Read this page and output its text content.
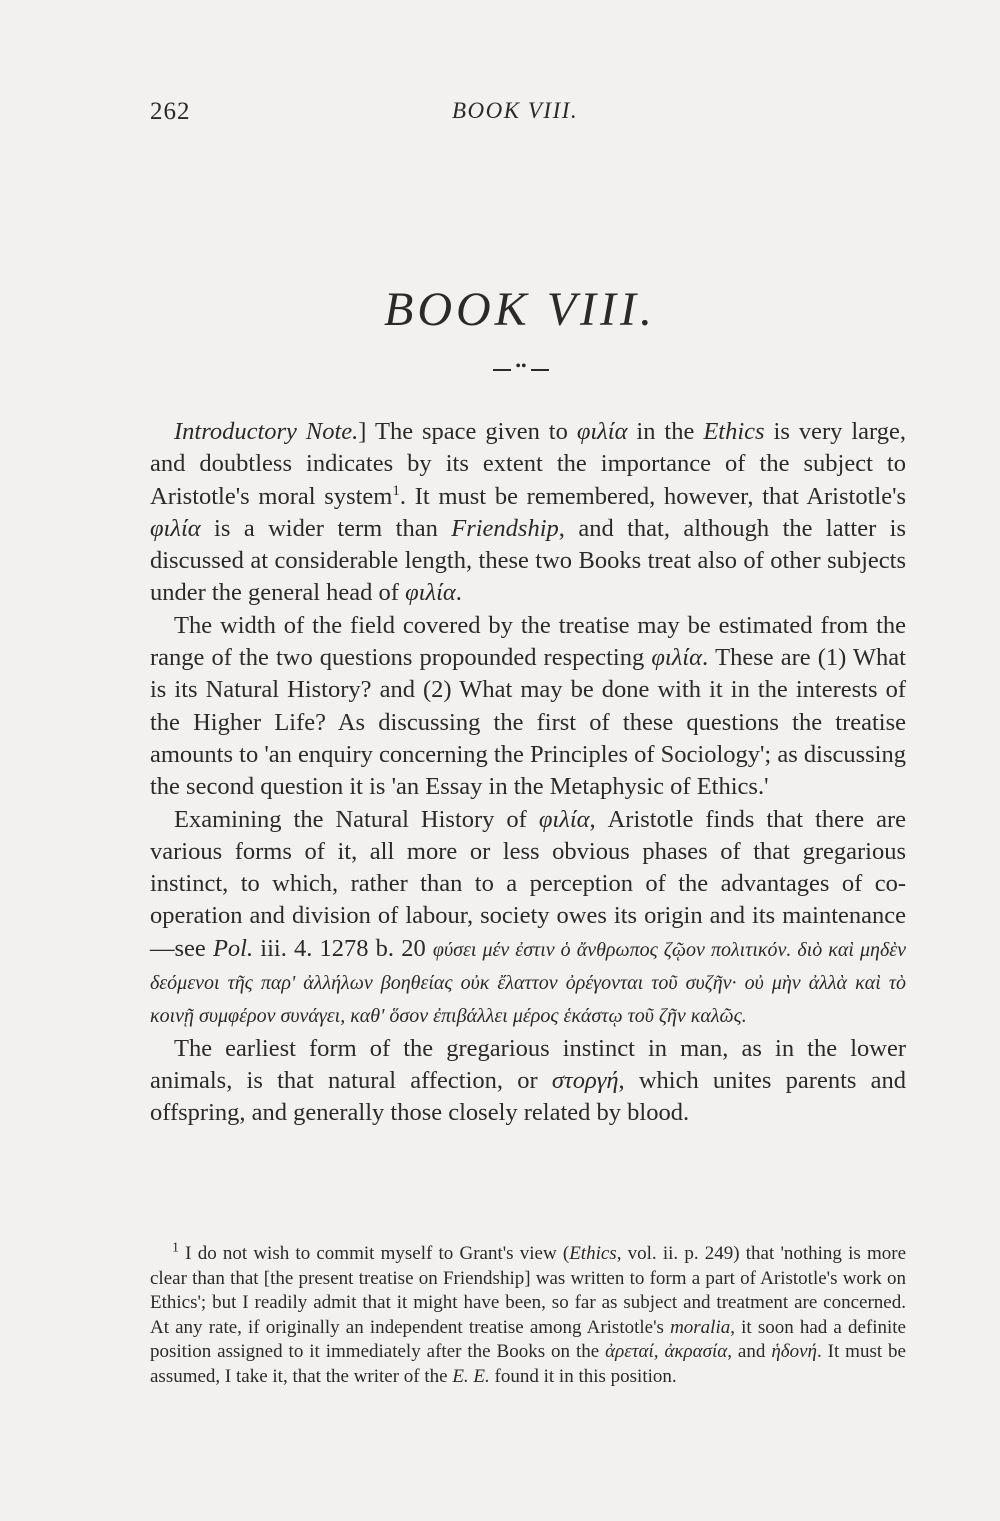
262	BOOK VIII.
BOOK VIII.
••

Introductory Note.] The space given to φιλία in the Ethics is very large, and doubtless indicates by its extent the importance of the subject to Aristotle's moral system$^1$. It must be remembered, however, that Aristotle's φιλία is a wider term than Friendship, and that, although the latter is discussed at considerable length, these two Books treat also of other subjects under the general head of φιλία.

The width of the field covered by the treatise may be estimated from the range of the two questions propounded respecting φιλία. These are (1) What is its Natural History? and (2) What may be done with it in the interests of the Higher Life? As discussing the first of these questions the treatise amounts to 'an enquiry concerning the Principles of Sociology'; as discussing the second question it is 'an Essay in the Metaphysic of Ethics.'

Examining the Natural History of φιλία, Aristotle finds that there are various forms of it, all more or less obvious phases of that gregarious instinct, to which, rather than to a perception of the advantages of co-operation and division of labour, society owes its origin and its maintenance—see Pol. iii. 4. 1278 b. 20 φύσει μέν ἐστιν ὁ ἄνθρωπος ζῷον πολιτικόν. διὸ καὶ μηδὲν δεόμενοι τῆς παρ' ἀλλήλων βοηθείας οὐκ ἔλαττον ὀρέγονται τοῦ συζῆν· οὐ μὴν ἀλλὰ καὶ τὸ κοινῇ συμφέρον συνάγει, καθ' ὅσον ἐπιβάλλει μέρος ἑκάστῳ τοῦ ζῆν καλῶς.

The earliest form of the gregarious instinct in man, as in the lower animals, is that natural affection, or στοργή, which unites parents and offspring, and generally those closely related by blood.

$^1$ I do not wish to commit myself to Grant's view (Ethics, vol. ii. p. 249) that 'nothing is more clear than that [the present treatise on Friendship] was written to form a part of Aristotle's work on Ethics'; but I readily admit that it might have been, so far as subject and treatment are concerned. At any rate, if originally an independent treatise among Aristotle's moralia, it soon had a definite position assigned to it immediately after the Books on the ἀρεταί, ἀκρασία, and ἡδονή. It must be assumed, I take it, that the writer of the E. E. found it in this position.
